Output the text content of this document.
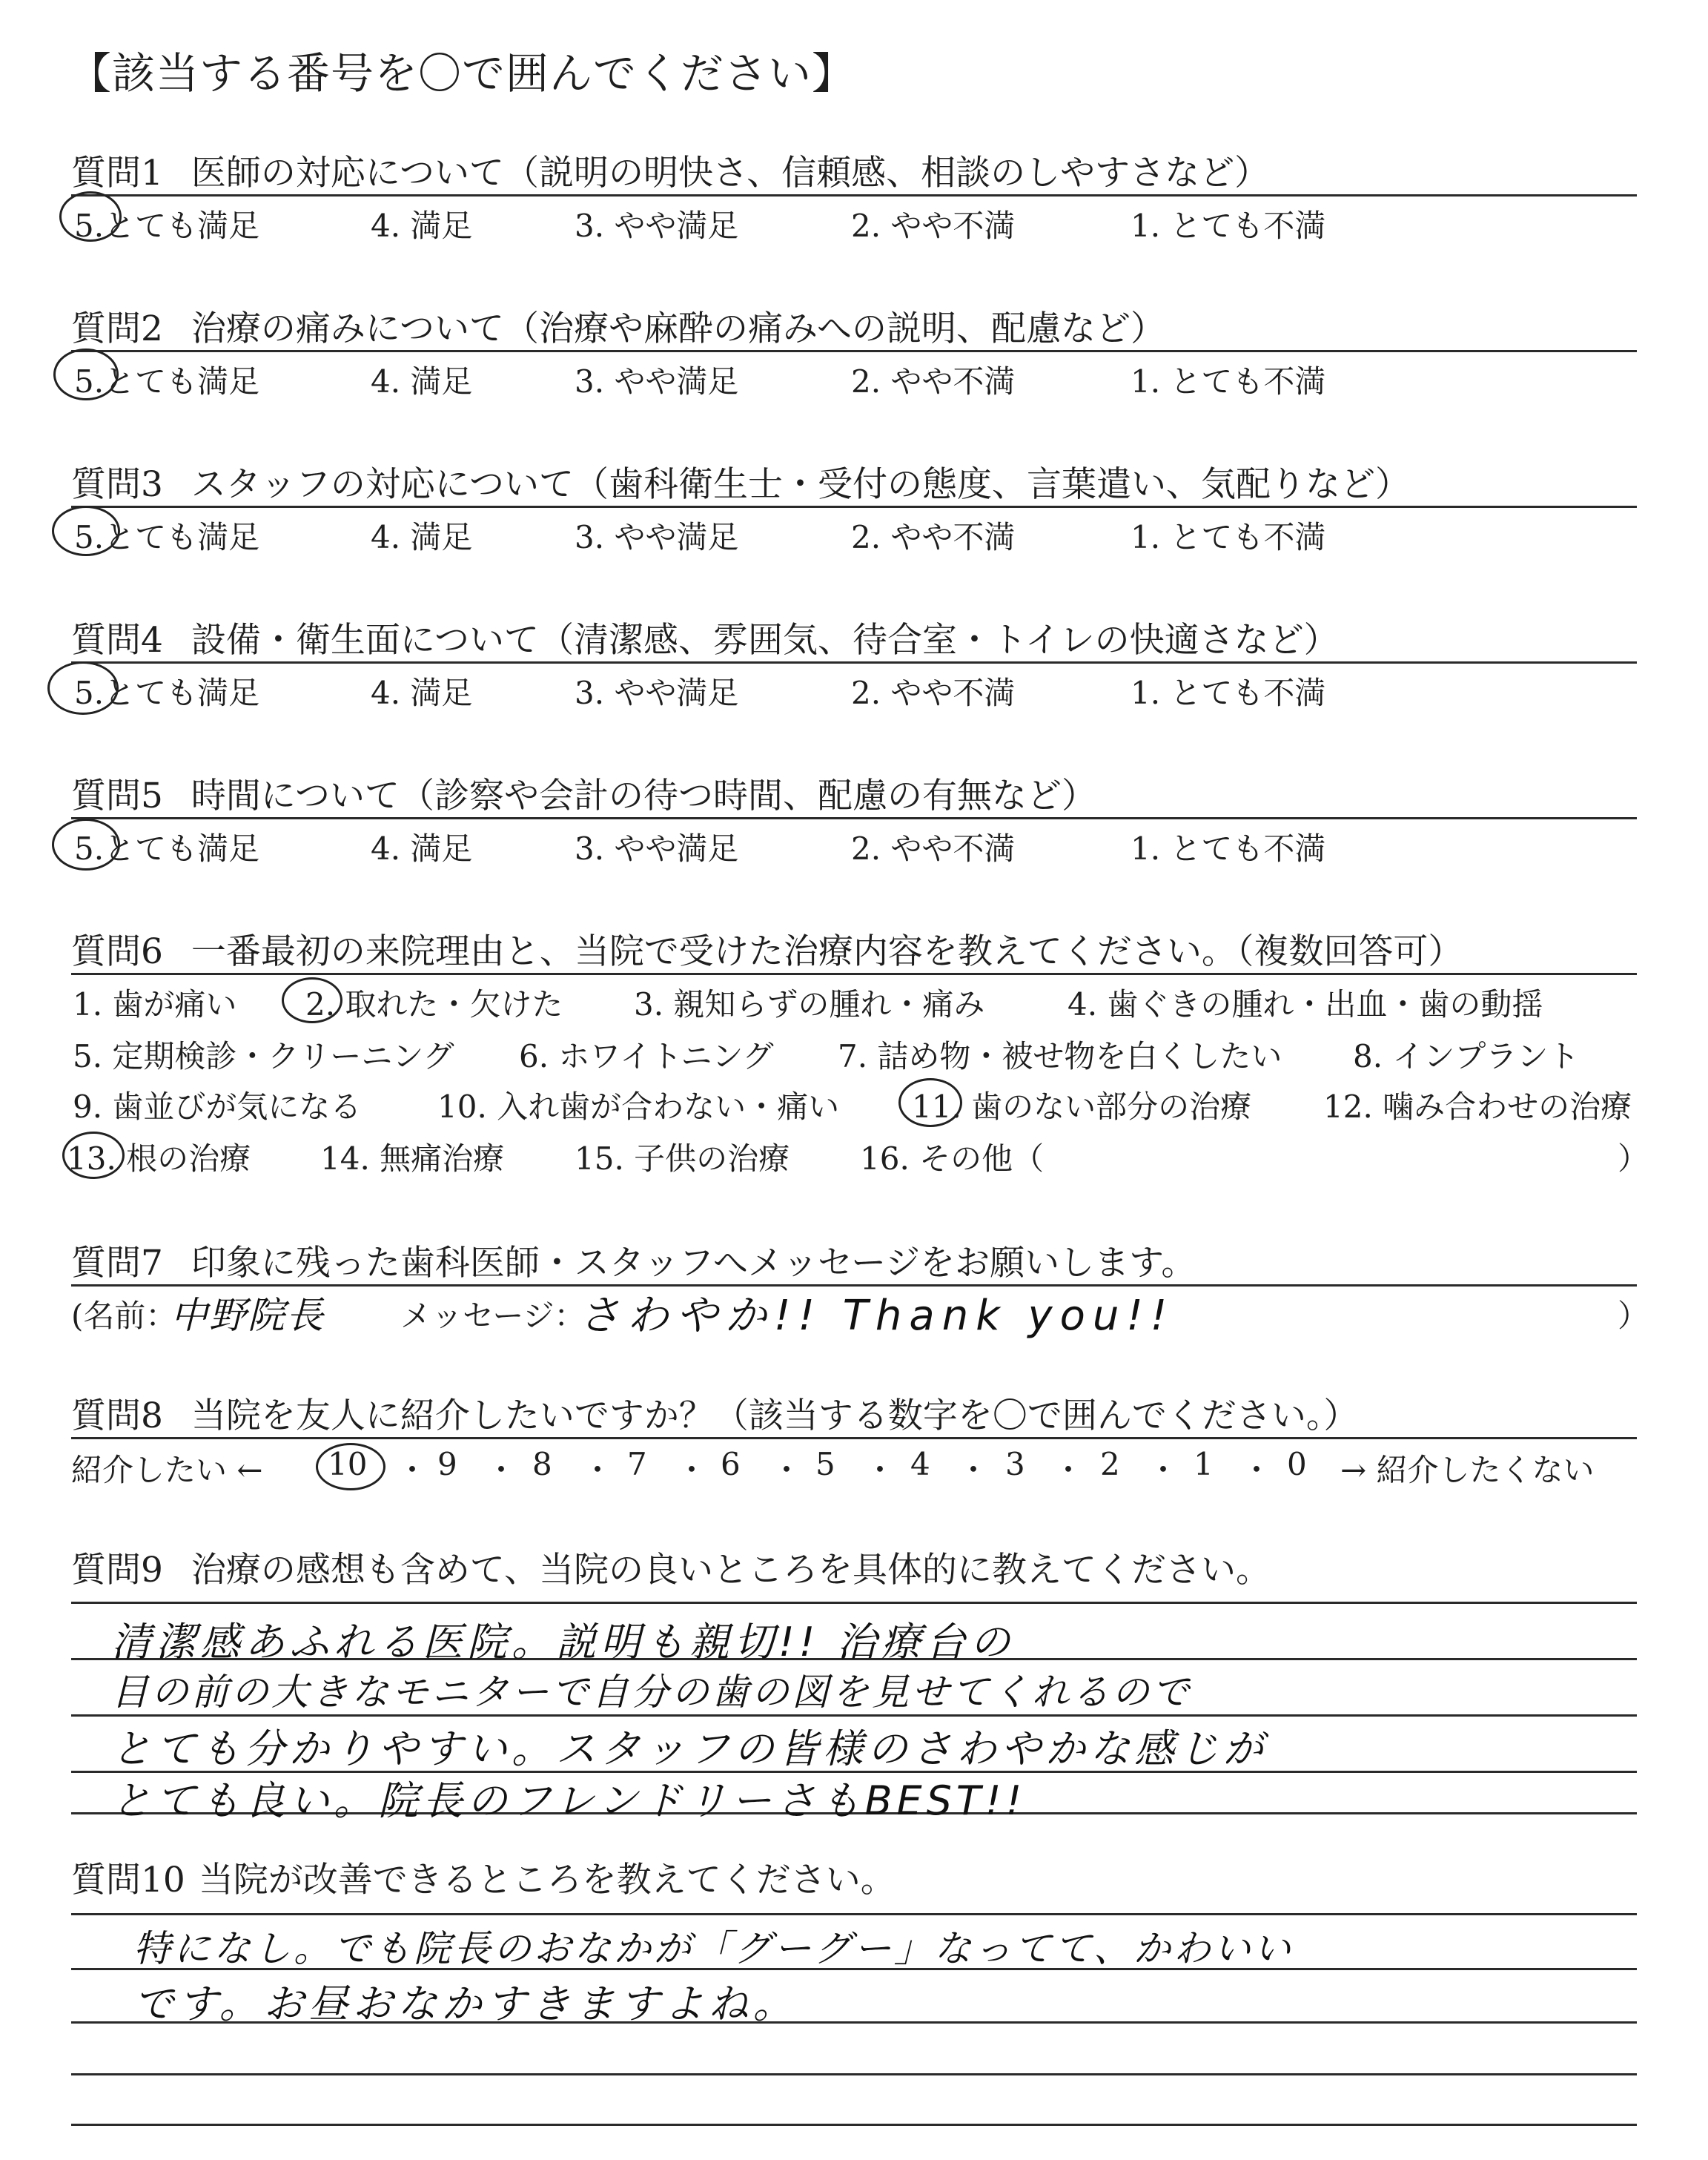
【該当する番号を〇で囲んでください】
質問1 医師の対応について（説明の明快さ、信頼感、相談のしやすさなど）
5.とても満足	4. 満足	3. やや満足	2. やや不満	1. とても不満
質問2 治療の痛みについて（治療や麻酔の痛みへの説明、配慮など）
5.とても満足	4. 満足	3. やや満足	2. やや不満	1. とても不満
質問3 スタッフの対応について（歯科衛生士・受付の態度、言葉遣い、気配りなど）
5.とても満足	4. 満足	3. やや満足	2. やや不満	1. とても不満
質問4 設備・衛生面について（清潔感、雰囲気、待合室・トイレの快適さなど）
5.とても満足	4. 満足	3. やや満足	2. やや不満	1. とても不満
質問5 時間について（診察や会計の待つ時間、配慮の有無など）
5.とても満足	4. 満足	3. やや満足	2. やや不満	1. とても不満
質問6 一番最初の来院理由と、当院で受けた治療内容を教えてください。（複数回答可）
1. 歯が痛い 2. 取れた・欠けた 3. 親知らずの腫れ・痛み	4. 歯ぐきの腫れ・出血・歯の動揺
5. 定期検診・クリーニング 6. ホワイトニング 7. 詰め物・被せ物を白くしたい 8. インプラント
9. 歯並びが気になる 10. 入れ歯が合わない・痛い 11. 歯のない部分の治療 12. 噛み合わせの治療
13. 根の治療 14. 無痛治療 15. 子供の治療 16. その他（	）
質問7 印象に残った歯科医師・スタッフへメッセージをお願いします。
(名前：
中野院長 メッセージ：
さわやか!! Thank you!!	）
質問8 当院を友人に紹介したいですか？（該当する数字を〇で囲んでください。）
紹介したい ← 10 ・ 9 ・ 8 ・ 7 ・ 6 ・ 5 ・ 4 ・ 3 ・ 2 ・ 1 ・ 0 → 紹介したくない
質問9 治療の感想も含めて、当院の良いところを具体的に教えてください。
清潔感あふれる医院。説明も親切!! 治療台の
目の前の大きなモニターで自分の歯の図を見せてくれるので
とても分かりやすい。スタッフの皆様のさわやかな感じが
とても良い。院長のフレンドリーさもBEST!!
質問10 当院が改善できるところを教えてください。
特になし。でも院長のおなかが「グーグー」なってて、かわいい
です。お昼おなかすきますよね。
